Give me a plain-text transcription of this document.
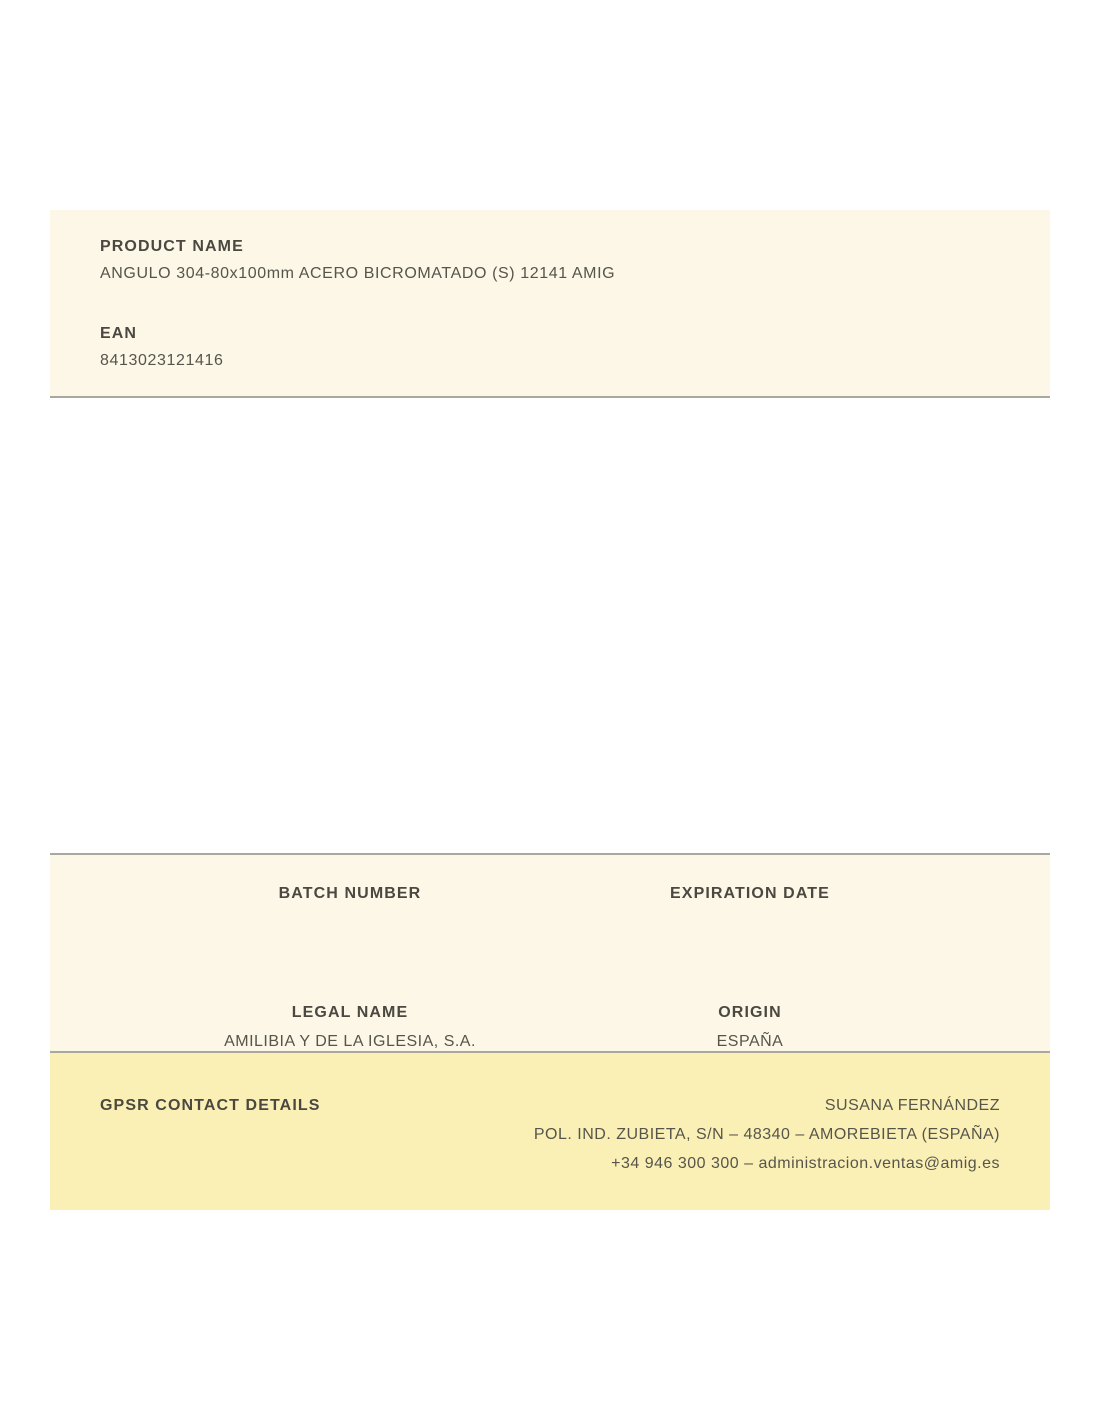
PRODUCT NAME
ANGULO 304-80x100mm ACERO BICROMATADO (S) 12141 AMIG
EAN
8413023121416
BATCH NUMBER	EXPIRATION DATE
LEGAL NAME
AMILIBIA Y DE LA IGLESIA, S.A.
ORIGIN
ESPAÑA
GPSR CONTACT DETAILS	SUSANA FERNÁNDEZ
POL. IND. ZUBIETA, S/N – 48340 – AMOREBIETA (ESPAÑA)
+34 946 300 300 – administracion.ventas@amig.es
